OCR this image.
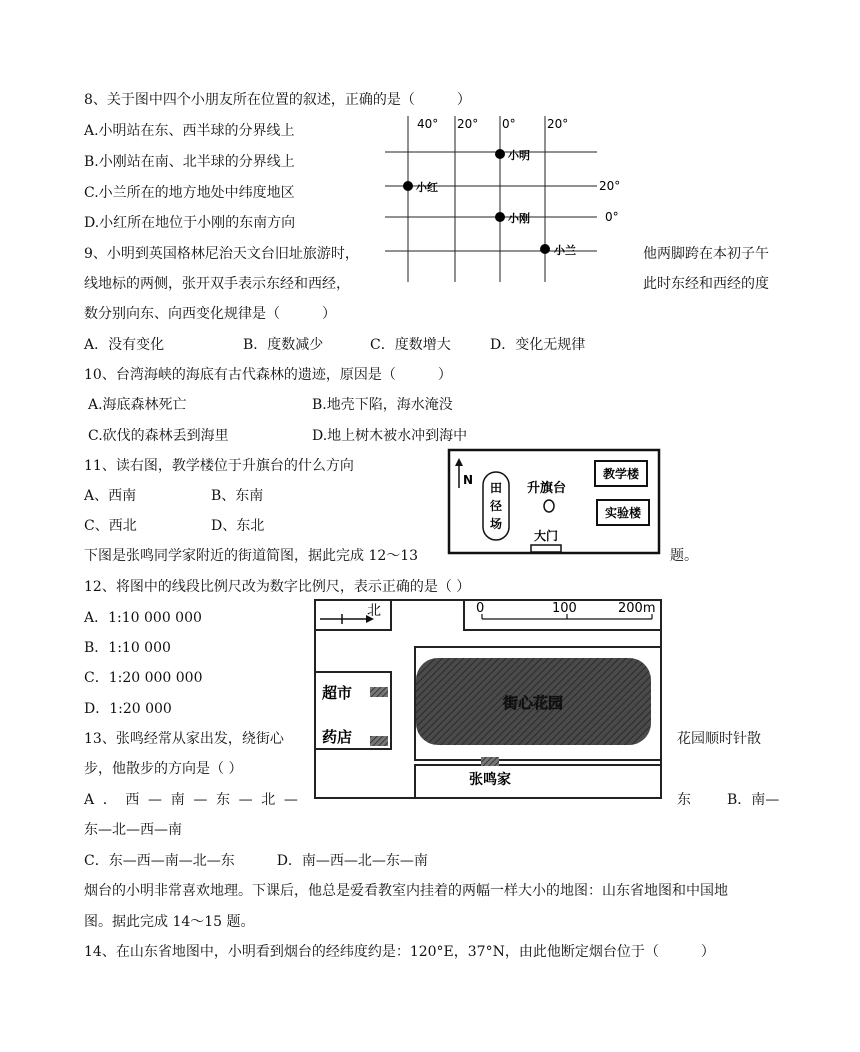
8、关于图中四个小朋友所在位置的叙述，正确的是（　　　）
A.小明站在东、西半球的分界线上
B.小刚站在南、北半球的分界线上
C.小兰所在的地方地处中纬度地区
D.小红所在地位于小刚的东南方向
40° 20° 0°	20°
20°
0°
小明
小红
小刚
小兰
9、小明到英国格林尼治天文台旧址旅游时，	他两脚跨在本初子午
线地标的两侧，张开双手表示东经和西经，	此时东经和西经的度
数分别向东、向西变化规律是（　　　）
A．没有变化	B．度数减少	C．度数增大	D．变化无规律
10、台湾海峡的海底有古代森林的遗迹，原因是（　　　）
A.海底森林死亡	B.地壳下陷，海水淹没
C.砍伐的森林丢到海里	D.地上树木被水冲到海中
11、读右图，教学楼位于升旗台的什么方向
A、西南	B、东南
C、西北	D、东北
N
田
径
场
升旗台
教学楼
实验楼
大门
下图是张鸣同学家附近的街道简图，据此完成 12～13	题。
12、将图中的线段比例尺改为数字比例尺，表示正确的是（ ）
A．1:10 000 000
B．1:10 000
C．1:20 000 000
D．1:20 000
北	0	100	200m
街心花园
超市
药店
张鸣家
13、张鸣经常从家出发，绕街心	花园顺时针散
步，他散步的方向是（ ）
A ． 西 — 南 — 东 — 北 —	东	B．南—
东—北—西—南
C．东—西—南—北—东　　　D．南—西—北—东—南
烟台的小明非常喜欢地理。下课后，他总是爱看教室内挂着的两幅一样大小的地图：山东省地图和中国地
图。据此完成 14～15 题。
14、在山东省地图中，小明看到烟台的经纬度约是：120°E，37°N，由此他断定烟台位于（　　　）
